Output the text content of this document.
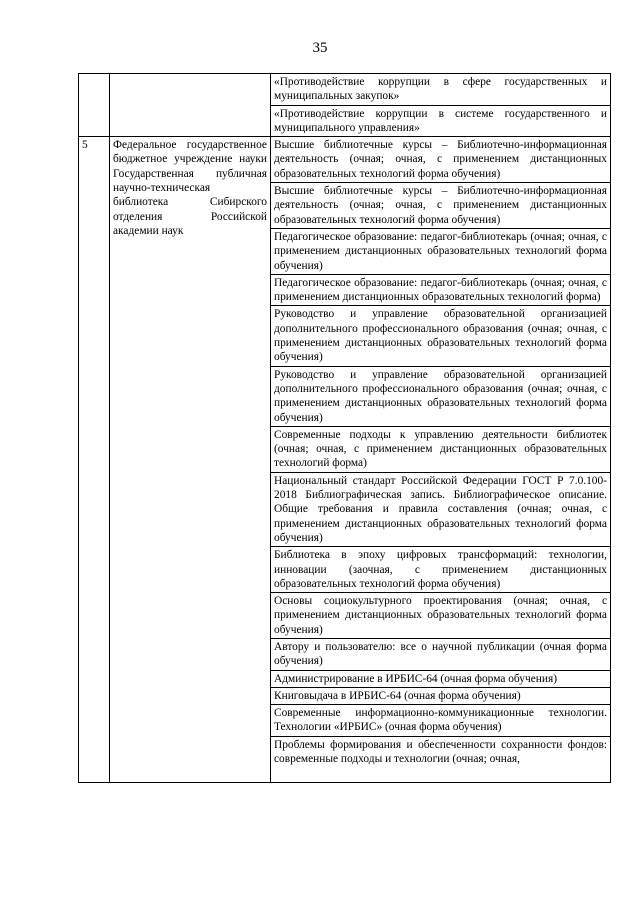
35
		«Противодействие коррупции в сфере государственных и муниципальных закупок»
		«Противодействие коррупции в системе государственного и муниципального управления»
5	Федеральное государственное бюджетное учреждение науки Государственная публичная научно-техническая библиотека Сибирского отделения Российской академии наук	Высшие библиотечные курсы – Библиотечно-информационная деятельность (очная; очная, с применением дистанционных образовательных технологий форма обучения)
		Высшие библиотечные курсы – Библиотечно-информационная деятельность (очная; очная, с применением дистанционных образовательных технологий форма обучения)
		Педагогическое образование: педагог-библиотекарь (очная; очная, с применением дистанционных образовательных технологий форма обучения)
		Педагогическое образование: педагог-библиотекарь (очная; очная, с применением дистанционных образовательных технологий форма)
		Руководство и управление образовательной организацией дополнительного профессионального образования (очная; очная, с применением дистанционных образовательных технологий форма обучения)
		Руководство и управление образовательной организацией дополнительного профессионального образования (очная; очная, с применением дистанционных образовательных технологий форма обучения)
		Современные подходы к управлению деятельности библиотек (очная; очная, с применением дистанционных образовательных технологий форма)
		Национальный стандарт Российской Федерации ГОСТ Р 7.0.100-2018 Библиографическая запись. Библиографическое описание. Общие требования и правила составления (очная; очная, с применением дистанционных образовательных технологий форма обучения)
		Библиотека в эпоху цифровых трансформаций: технологии, инновации (заочная, с применением дистанционных образовательных технологий форма обучения)
		Основы социокультурного проектирования (очная; очная, с применением дистанционных образовательных технологий форма обучения)
		Автору и пользователю: все о научной публикации (очная форма обучения)
		Администрирование в ИРБИС-64 (очная форма обучения)
		Книговыдача в ИРБИС-64 (очная форма обучения)
		Современные информационно-коммуникационные технологии. Технологии «ИРБИС» (очная форма обучения)
		Проблемы формирования и обеспеченности сохранности фондов: современные подходы и технологии (очная; очная,
